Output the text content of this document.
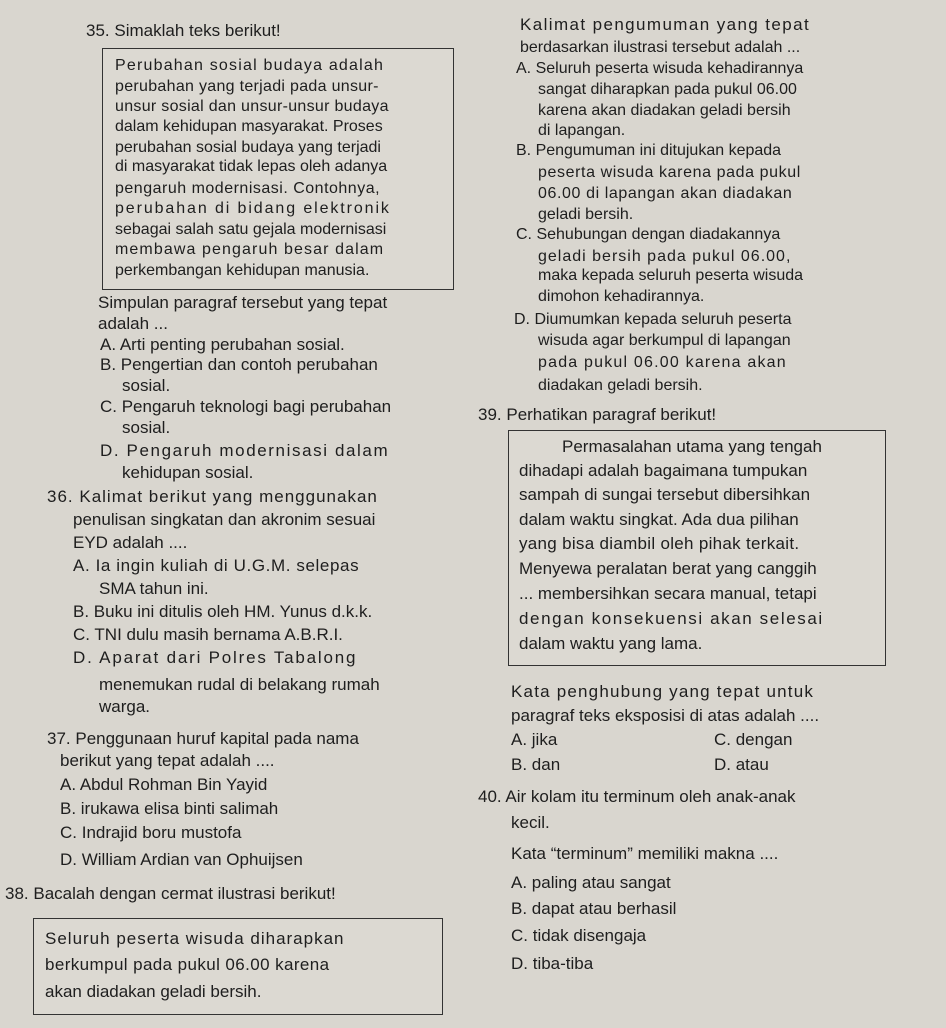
35. Simaklah teks berikut!
Perubahan sosial budaya adalah
perubahan yang terjadi pada unsur-
unsur sosial dan unsur-unsur budaya
dalam kehidupan masyarakat. Proses
perubahan sosial budaya yang terjadi
di masyarakat tidak lepas oleh adanya
pengaruh modernisasi. Contohnya,
perubahan di bidang elektronik
sebagai salah satu gejala modernisasi
membawa pengaruh besar dalam
perkembangan kehidupan manusia.
Simpulan paragraf tersebut yang tepat
adalah ...
A. Arti penting perubahan sosial.
B. Pengertian dan contoh perubahan
sosial.
C. Pengaruh teknologi bagi perubahan
sosial.
D. Pengaruh modernisasi dalam
kehidupan sosial.
36. Kalimat berikut yang menggunakan
penulisan singkatan dan akronim sesuai
EYD adalah ....
A. Ia ingin kuliah di U.G.M. selepas
SMA tahun ini.
B. Buku ini ditulis oleh HM. Yunus d.k.k.
C. TNI dulu masih bernama A.B.R.I.
D. Aparat dari Polres Tabalong
menemukan rudal di belakang rumah
warga.
37. Penggunaan huruf kapital pada nama
berikut yang tepat adalah ....
A. Abdul Rohman Bin Yayid
B. irukawa elisa binti salimah
C. Indrajid boru mustofa
D. William Ardian van Ophuijsen
38. Bacalah dengan cermat ilustrasi berikut!
Seluruh peserta wisuda diharapkan
berkumpul pada pukul 06.00 karena
akan diadakan geladi bersih.
Kalimat pengumuman yang tepat
berdasarkan ilustrasi tersebut adalah ...
A. Seluruh peserta wisuda kehadirannya
sangat diharapkan pada pukul 06.00
karena akan diadakan geladi bersih
di lapangan.
B. Pengumuman ini ditujukan kepada
peserta wisuda karena pada pukul
06.00 di lapangan akan diadakan
geladi bersih.
C. Sehubungan dengan diadakannya
geladi bersih pada pukul 06.00,
maka kepada seluruh peserta wisuda
dimohon kehadirannya.
D. Diumumkan kepada seluruh peserta
wisuda agar berkumpul di lapangan
pada pukul 06.00 karena akan
diadakan geladi bersih.
39. Perhatikan paragraf berikut!
Permasalahan utama yang tengah
dihadapi adalah bagaimana tumpukan
sampah di sungai tersebut dibersihkan
dalam waktu singkat. Ada dua pilihan
yang bisa diambil oleh pihak terkait.
Menyewa peralatan berat yang canggih
... membersihkan secara manual, tetapi
dengan konsekuensi akan selesai
dalam waktu yang lama.
Kata penghubung yang tepat untuk
paragraf teks eksposisi di atas adalah ....
A. jika	C. dengan
B. dan	D. atau
40. Air kolam itu terminum oleh anak-anak
kecil.
Kata “terminum” memiliki makna ....
A. paling atau sangat
B. dapat atau berhasil
C. tidak disengaja
D. tiba-tiba
